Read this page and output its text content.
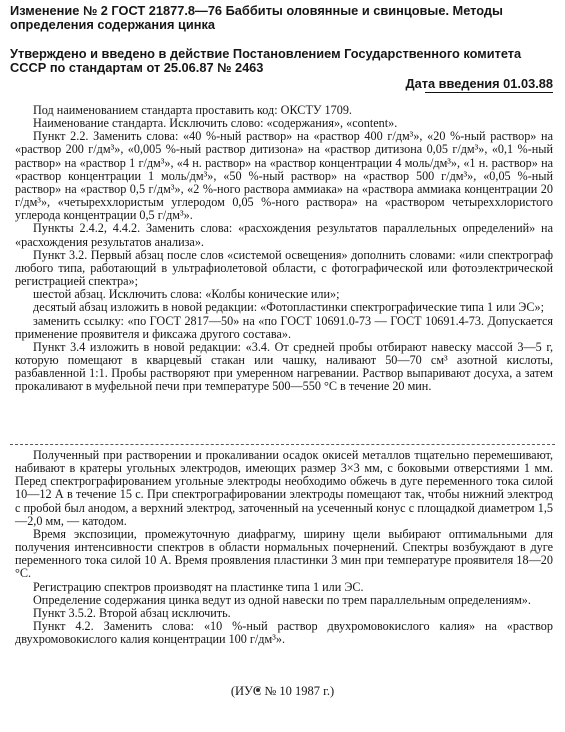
Изменение № 2 ГОСТ 21877.8—76 Баббиты оловянные и свинцовые. Методы определения содержания цинка

Утверждено и введено в действие Постановлением Государственного комитета СССР по стандартам от 25.06.87 № 2463

Дата введения 01.03.88

Под наименованием стандарта проставить код: ОКСТУ 1709.

Наименование стандарта. Исключить слово: «содержания», «content».

Пункт 2.2. Заменить слова: «40 %-ный раствор» на «раствор 400 г/дм³», «20 %-ный раствор» на «раствор 200 г/дм³», «0,005 %-ный раствор дитизона» на «раствор дитизона 0,05 г/дм³», «0,1 %-ный раствор» на «раствор 1 г/дм³», «4 н. раствор» на «раствор концентрации 4 моль/дм³», «1 н. раствор» на «раствор концентрации 1 моль/дм³», «50 %-ный раствор» на «раствор 500 г/дм³», «0,05 %-ный раствор» на «раствор 0,5 г/дм³», «2 %-ного раствора аммиака» на «раствора аммиака концентрации 20 г/дм³», «четыреххлористым углеродом 0,05 %-ного раствора» на «раствором четыреххлористого углерода концентрации 0,5 г/дм³».

Пункты 2.4.2, 4.4.2. Заменить слова: «расхождения результатов параллельных определений» на «расхождения результатов анализа».

Пункт 3.2. Первый абзац после слов «системой освещения» дополнить словами: «или спектрограф любого типа, работающий в ультрафиолетовой области, с фотографической или фотоэлектрической регистрацией спектра»;

шестой абзац. Исключить слова: «Колбы конические или»;

десятый абзац изложить в новой редакции: «Фотопластинки спектрографические типа 1 или ЭС»;

заменить ссылку: «по ГОСТ 2817—50» на «по ГОСТ 10691.0-73 — ГОСТ 10691.4-73. Допускается применение проявителя и фиксажа другого состава».

Пункт 3.4 изложить в новой редакции: «3.4. От средней пробы отбирают навеску массой 3—5 г, которую помещают в кварцевый стакан или чашку, наливают 50—70 см³ азотной кислоты, разбавленной 1:1. Пробы растворяют при умеренном нагревании. Раствор выпаривают досуха, а затем прокаливают в муфельной печи при температуре 500—550 °С в течение 20 мин.

Полученный при растворении и прокаливании осадок окисей металлов тщательно перемешивают, набивают в кратеры угольных электродов, имеющих размер 3×3 мм, с боковыми отверстиями 1 мм. Перед спектрографированием угольные электроды необходимо обжечь в дуге переменного тока силой 10—12 А в течение 15 с. При спектрографировании электроды помещают так, чтобы нижний электрод с пробой был анодом, а верхний электрод, заточенный на усеченный конус с площадкой диаметром 1,5—2,0 мм, — катодом.

Время экспозиции, промежуточную диафрагму, ширину щели выбирают оптимальными для получения интенсивности спектров в области нормальных почернений. Спектры возбуждают в дуге переменного тока силой 10 А. Время проявления пластинки 3 мин при температуре проявителя 18—20 °С.

Регистрацию спектров производят на пластинке типа 1 или ЭС.

Определение содержания цинка ведут из одной навески по трем параллельным определениям».

Пункт 3.5.2. Второй абзац исключить.

Пункт 4.2. Заменить слова: «10 %-ный раствор двухромовокислого калия» на «раствор двухромовокислого калия концентрации 100 г/дм³».

(ИУС № 10 1987 г.)
